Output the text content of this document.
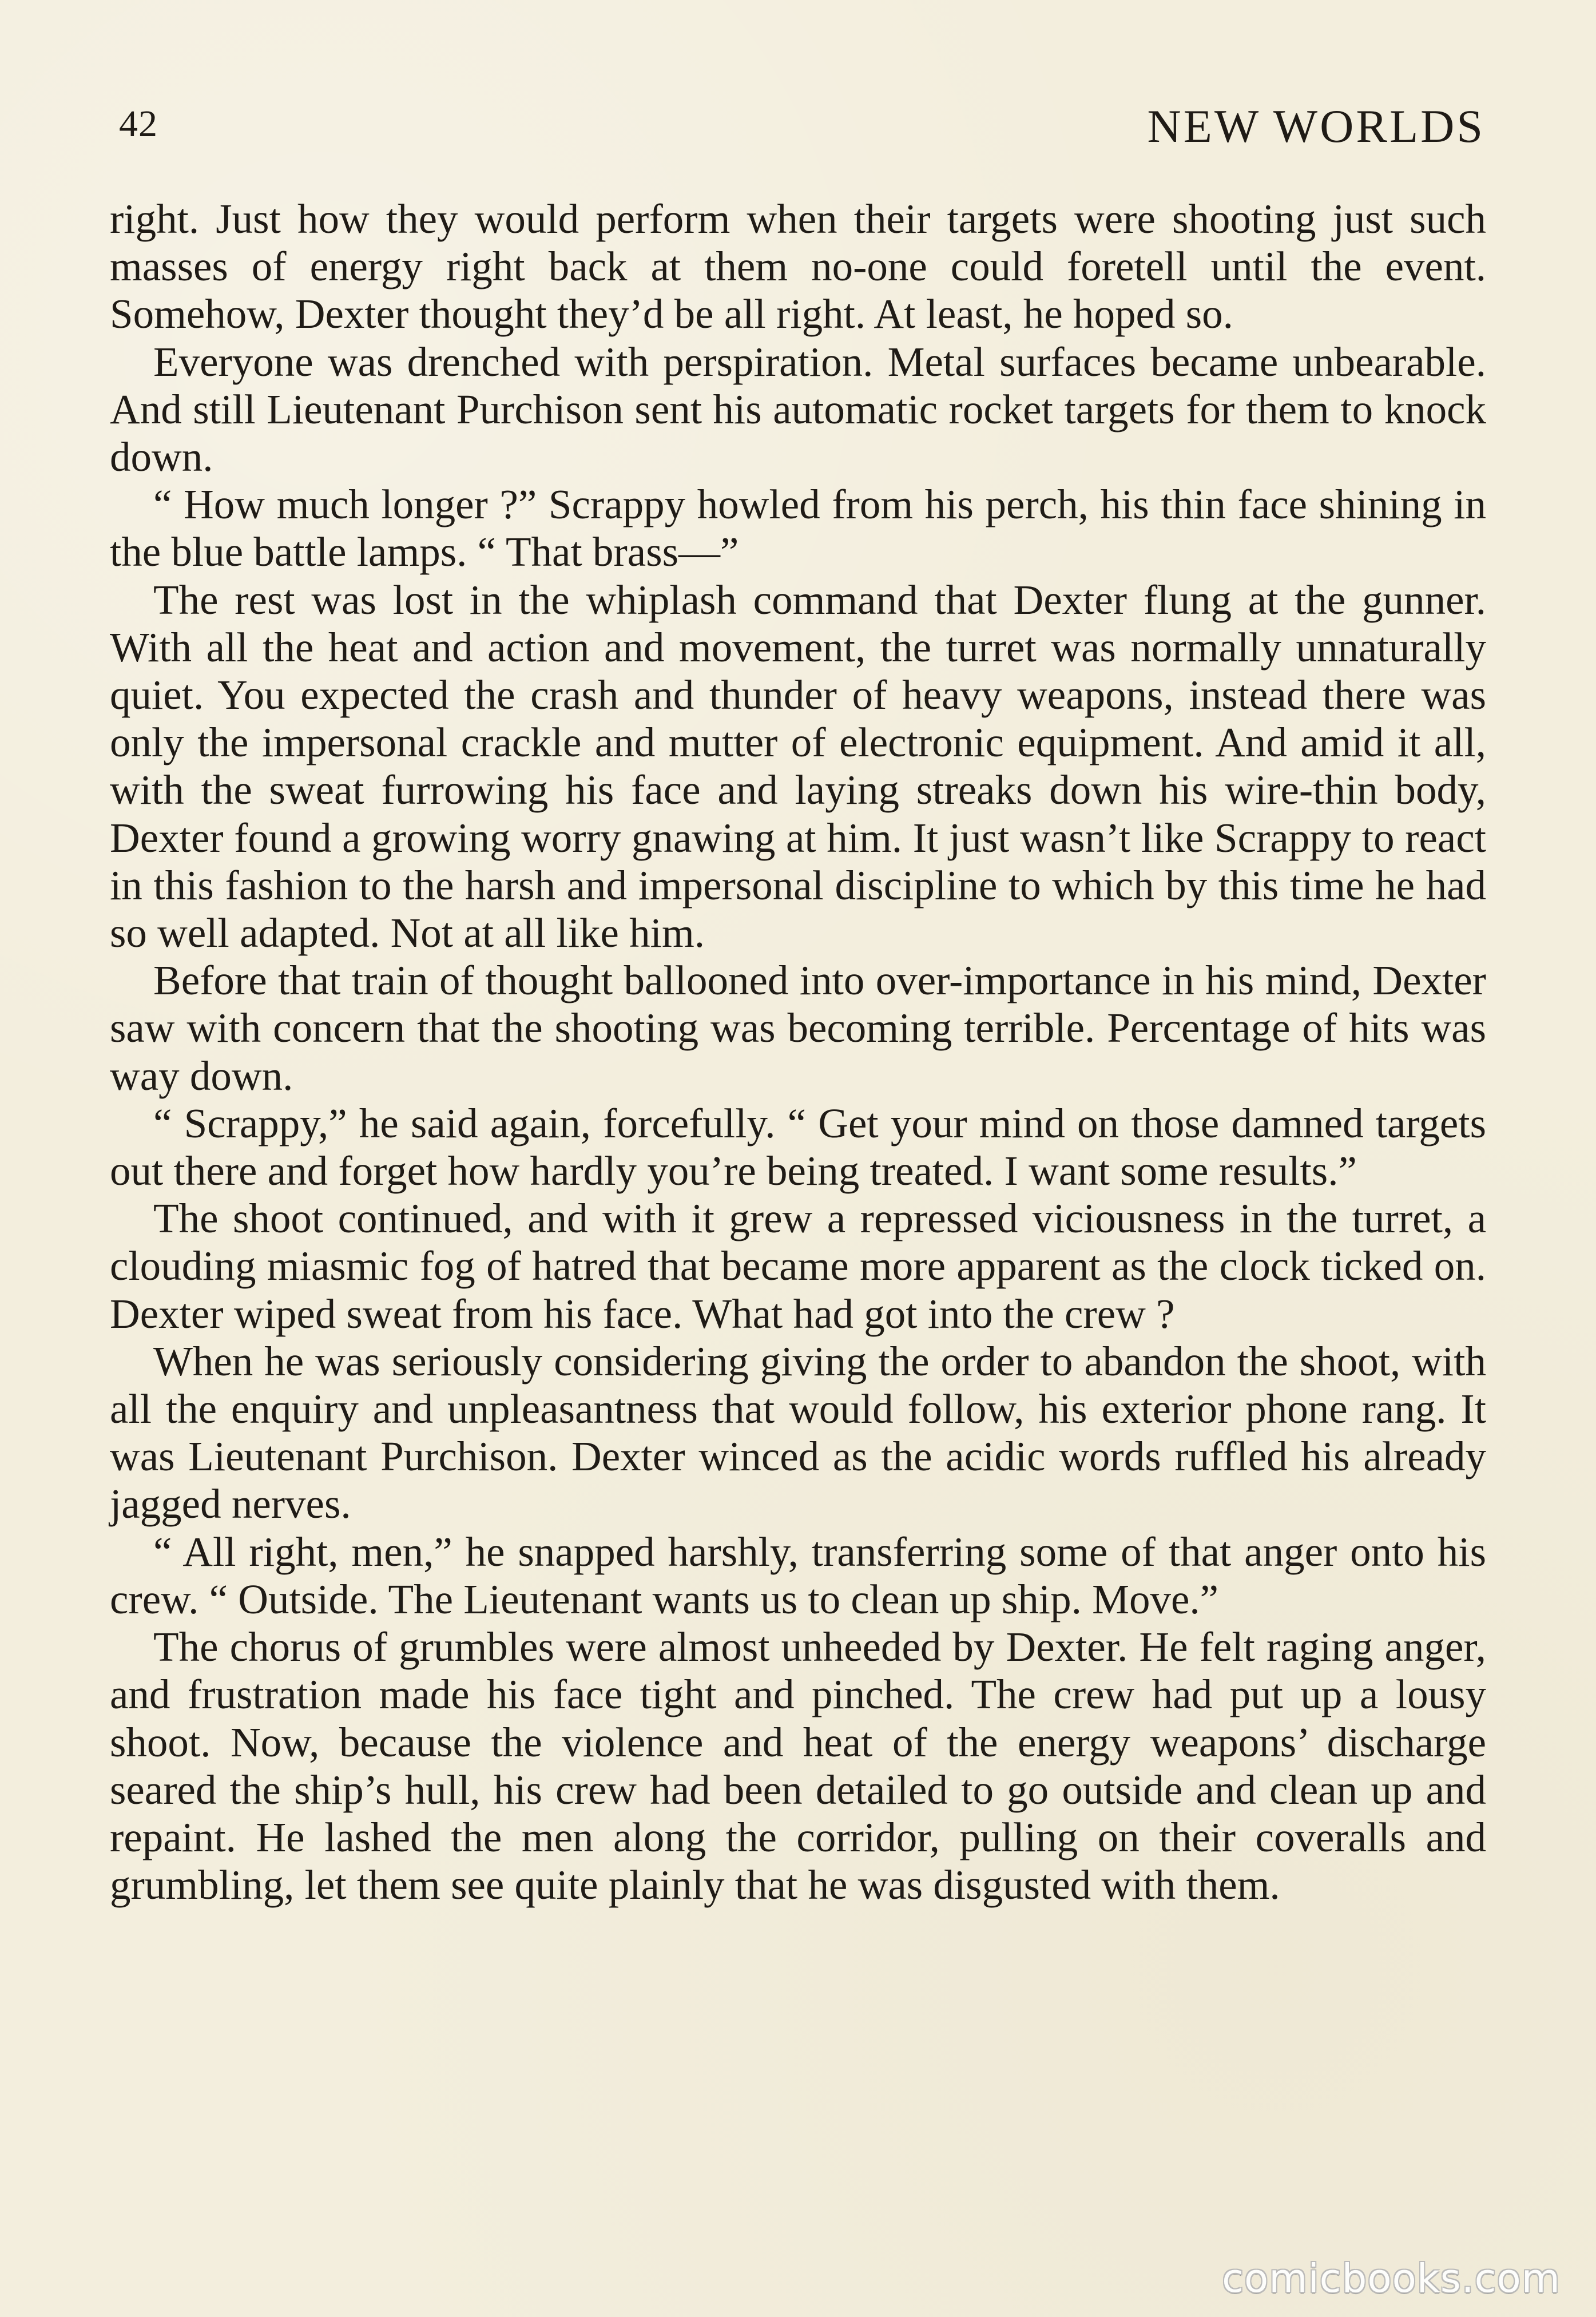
42	NEW WORLDS

right. Just how they would perform when their targets were shooting just such masses of energy right back at them no-one could foretell until the event. Somehow, Dexter thought they’d be all right. At least, he hoped so.

Everyone was drenched with perspiration. Metal surfaces became unbearable. And still Lieutenant Purchison sent his automatic rocket targets for them to knock down.

“ How much longer ?” Scrappy howled from his perch, his thin face shining in the blue battle lamps. “ That brass—”

The rest was lost in the whiplash command that Dexter flung at the gunner. With all the heat and action and movement, the turret was normally unnaturally quiet. You expected the crash and thunder of heavy weapons, instead there was only the impersonal crackle and mutter of electronic equipment. And amid it all, with the sweat furrowing his face and laying streaks down his wire-thin body, Dexter found a growing worry gnawing at him. It just wasn’t like Scrappy to react in this fashion to the harsh and impersonal discipline to which by this time he had so well adapted. Not at all like him.

Before that train of thought ballooned into over-importance in his mind, Dexter saw with concern that the shooting was becoming terrible. Percentage of hits was way down.

“ Scrappy,” he said again, forcefully. “ Get your mind on those damned targets out there and forget how hardly you’re being treated. I want some results.”

The shoot continued, and with it grew a repressed viciousness in the turret, a clouding miasmic fog of hatred that became more apparent as the clock ticked on. Dexter wiped sweat from his face. What had got into the crew ?

When he was seriously considering giving the order to abandon the shoot, with all the enquiry and unpleasantness that would follow, his exterior phone rang. It was Lieutenant Purchison. Dexter winced as the acidic words ruffled his already jagged nerves.

“ All right, men,” he snapped harshly, transferring some of that anger onto his crew. “ Outside. The Lieutenant wants us to clean up ship. Move.”

The chorus of grumbles were almost unheeded by Dexter. He felt raging anger, and frustration made his face tight and pinched. The crew had put up a lousy shoot. Now, because the violence and heat of the energy weapons’ discharge seared the ship’s hull, his crew had been detailed to go outside and clean up and repaint. He lashed the men along the corridor, pulling on their coveralls and grumbling, let them see quite plainly that he was disgusted with them.

comicbooks.com
